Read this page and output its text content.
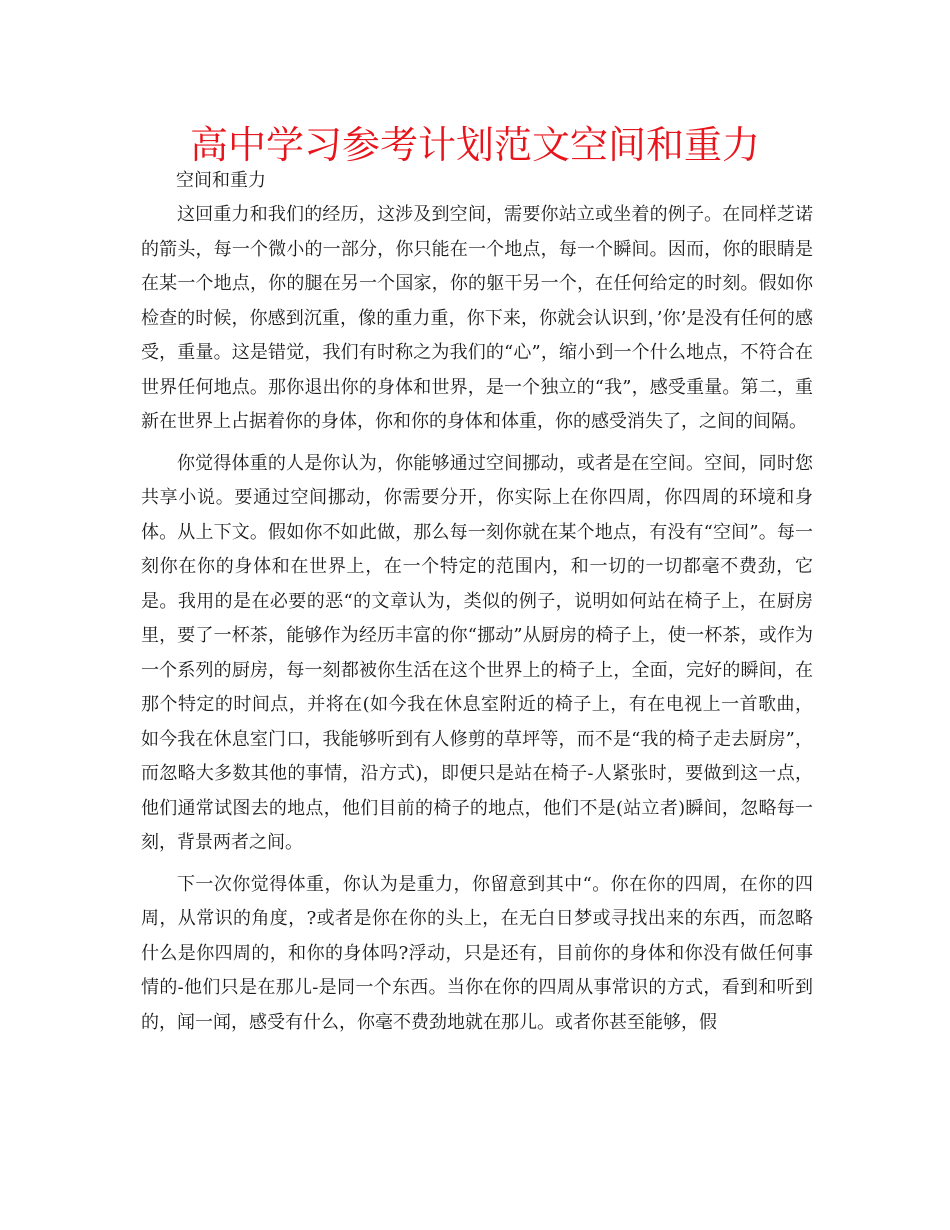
高中学习参考计划范文空间和重力
空间和重力

这回重力和我们的经历，这涉及到空间，需要你站立或坐着的例子。在同样芝诺的箭头，每一个微小的一部分，你只能在一个地点，每一个瞬间。因而，你的眼睛是在某一个地点，你的腿在另一个国家，你的躯干另一个，在任何给定的时刻。假如你检查的时候，你感到沉重，像的重力重，你下来，你就会认识到，’你’是没有任何的感受，重量。这是错觉，我们有时称之为我们的“心”，缩小到一个什么地点，不符合在世界任何地点。那你退出你的身体和世界，是一个独立的“我”，感受重量。第二，重新在世界上占据着你的身体，你和你的身体和体重，你的感受消失了，之间的间隔。

你觉得体重的人是你认为，你能够通过空间挪动，或者是在空间。空间，同时您共享小说。要通过空间挪动，你需要分开，你实际上在你四周，你四周的环境和身体。从上下文。假如你不如此做，那么每一刻你就在某个地点，有没有“空间”。每一刻你在你的身体和在世界上，在一个特定的范围内，和一切的一切都毫不费劲，它是。我用的是在必要的恶“的文章认为，类似的例子，说明如何站在椅子上，在厨房里，要了一杯茶，能够作为经历丰富的你“挪动”从厨房的椅子上，使一杯茶，或作为一个系列的厨房，每一刻都被你生活在这个世界上的椅子上，全面，完好的瞬间，在那个特定的时间点，并将在(如今我在休息室附近的椅子上，有在电视上一首歌曲，如今我在休息室门口，我能够听到有人修剪的草坪等，而不是“我的椅子走去厨房”，而忽略大多数其他的事情，沿方式)，即便只是站在椅子-人紧张时，要做到这一点，他们通常试图去的地点，他们目前的椅子的地点，他们不是(站立者)瞬间，忽略每一刻，背景两者之间。

下一次你觉得体重，你认为是重力，你留意到其中“。你在你的四周，在你的四周，从常识的角度，?或者是你在你的头上，在无白日梦或寻找出来的东西，而忽略什么是你四周的，和你的身体吗?浮动，只是还有，目前你的身体和你没有做任何事情的-他们只是在那儿-是同一个东西。当你在你的四周从事常识的方式，看到和听到的，闻一闻，感受有什么，你毫不费劲地就在那儿。或者你甚至能够，假
